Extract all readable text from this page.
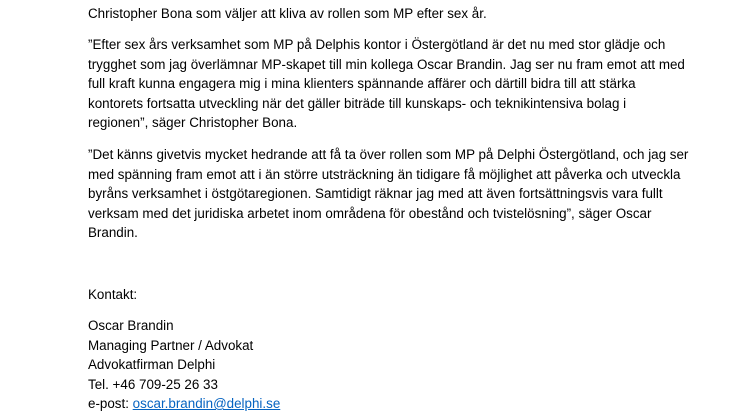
Christopher Bona som väljer att kliva av rollen som MP efter sex år.

”Efter sex års verksamhet som MP på Delphis kontor i Östergötland är det nu med stor glädje och
trygghet som jag överlämnar MP-skapet till min kollega Oscar Brandin. Jag ser nu fram emot att med
full kraft kunna engagera mig i mina klienters spännande affärer och därtill bidra till att stärka
kontorets fortsatta utveckling när det gäller biträde till kunskaps- och teknikintensiva bolag i
regionen”, säger Christopher Bona.

”Det känns givetvis mycket hedrande att få ta över rollen som MP på Delphi Östergötland, och jag ser
med spänning fram emot att i än större utsträckning än tidigare få möjlighet att påverka och utveckla
byråns verksamhet i östgötaregionen. Samtidigt räknar jag med att även fortsättningsvis vara fullt
verksam med det juridiska arbetet inom områdena för obestånd och tvistelösning”, säger Oscar
Brandin.

Kontakt:

Oscar Brandin
Managing Partner / Advokat
Advokatfirman Delphi
Tel. +46 709-25 26 33
e-post: oscar.brandin@delphi.se
